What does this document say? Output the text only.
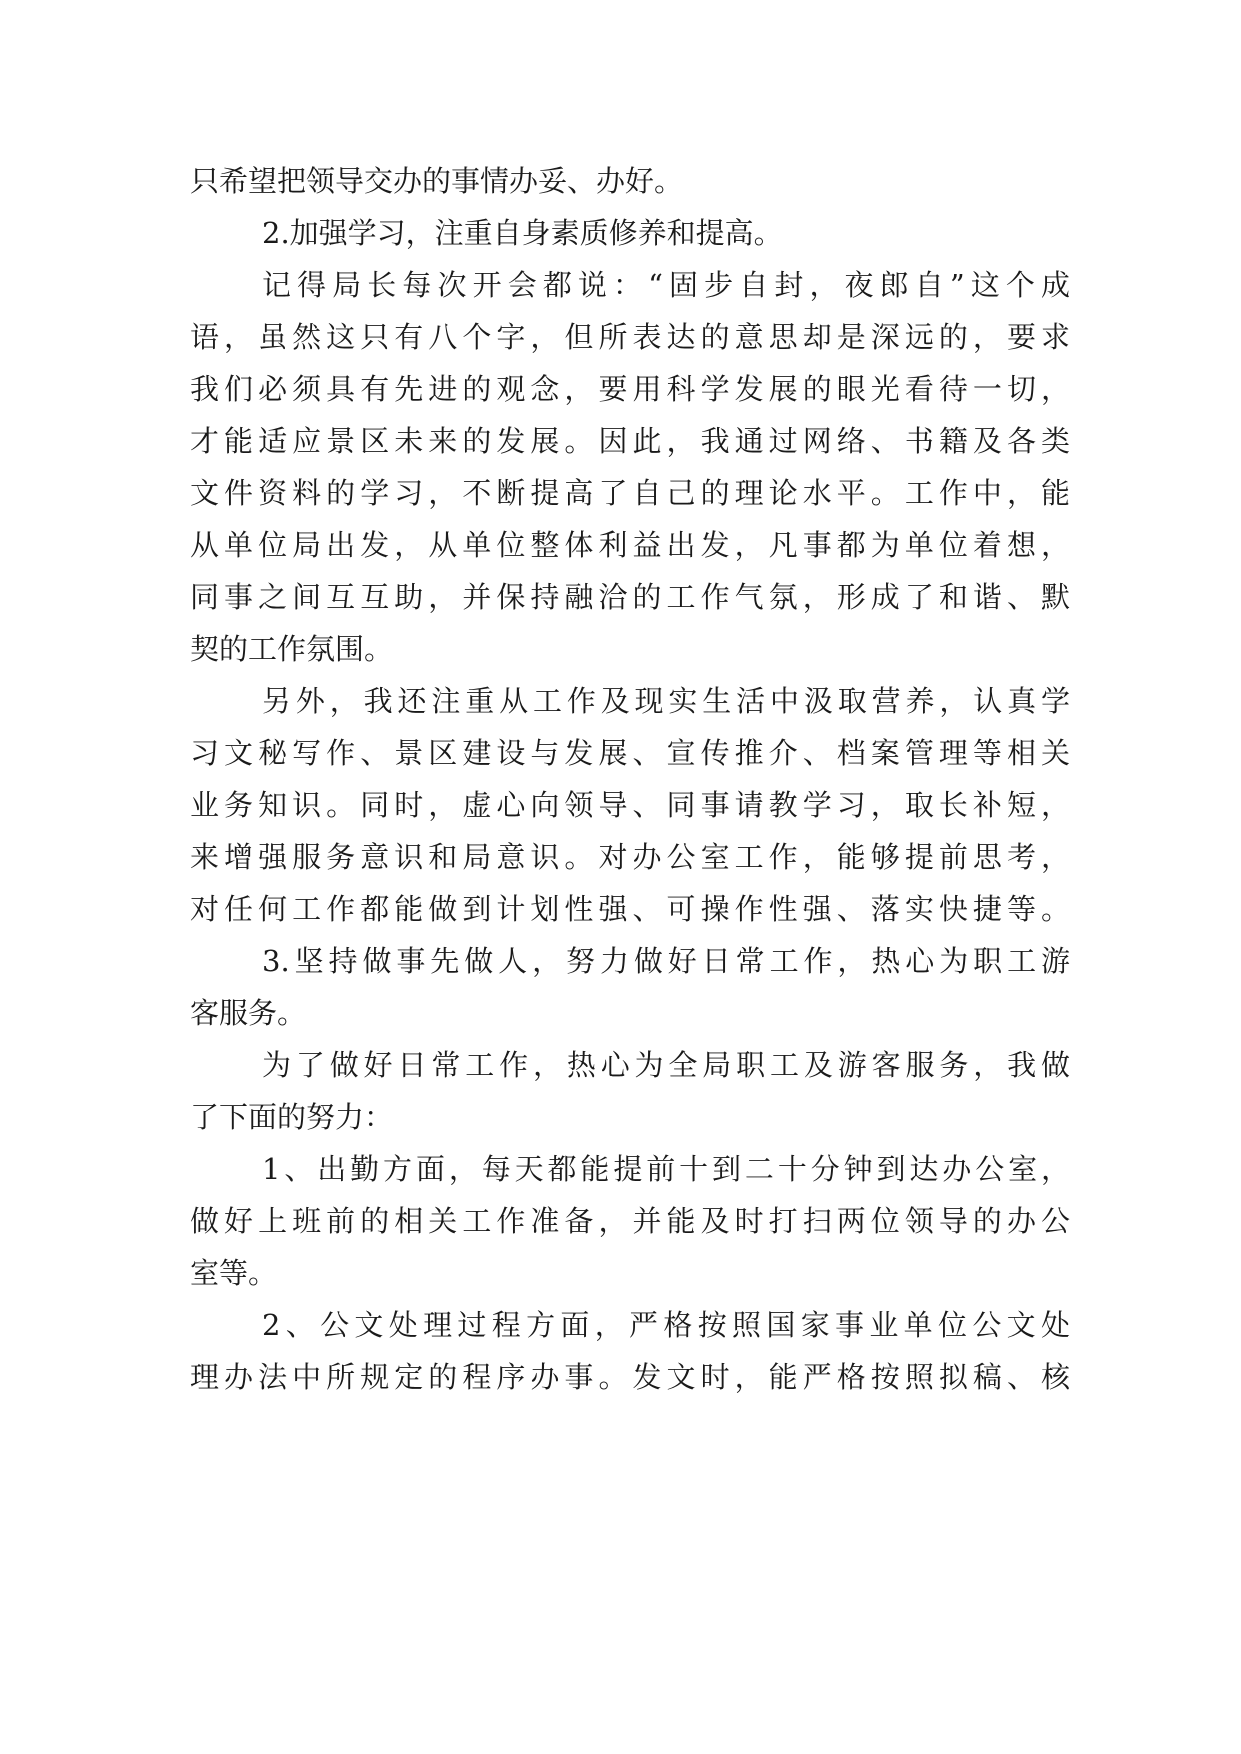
只希望把领导交办的事情办妥、办好。
2.加强学习，注重自身素质修养和提高。
记得局长每次开会都说：“固步自封，夜郎自”这个成
语，虽然这只有八个字，但所表达的意思却是深远的，要求
我们必须具有先进的观念，要用科学发展的眼光看待一切，
才能适应景区未来的发展。因此，我通过网络、书籍及各类
文件资料的学习，不断提高了自己的理论水平。工作中，能
从单位局出发，从单位整体利益出发，凡事都为单位着想，
同事之间互互助，并保持融洽的工作气氛，形成了和谐、默
契的工作氛围。
另外，我还注重从工作及现实生活中汲取营养，认真学
习文秘写作、景区建设与发展、宣传推介、档案管理等相关
业务知识。同时，虚心向领导、同事请教学习，取长补短，
来增强服务意识和局意识。对办公室工作，能够提前思考，
对任何工作都能做到计划性强、可操作性强、落实快捷等。
3.坚持做事先做人，努力做好日常工作，热心为职工游
客服务。
为了做好日常工作，热心为全局职工及游客服务，我做
了下面的努力：
1、出勤方面，每天都能提前十到二十分钟到达办公室，
做好上班前的相关工作准备，并能及时打扫两位领导的办公
室等。
2、公文处理过程方面，严格按照国家事业单位公文处
理办法中所规定的程序办事。发文时，能严格按照拟稿、核
